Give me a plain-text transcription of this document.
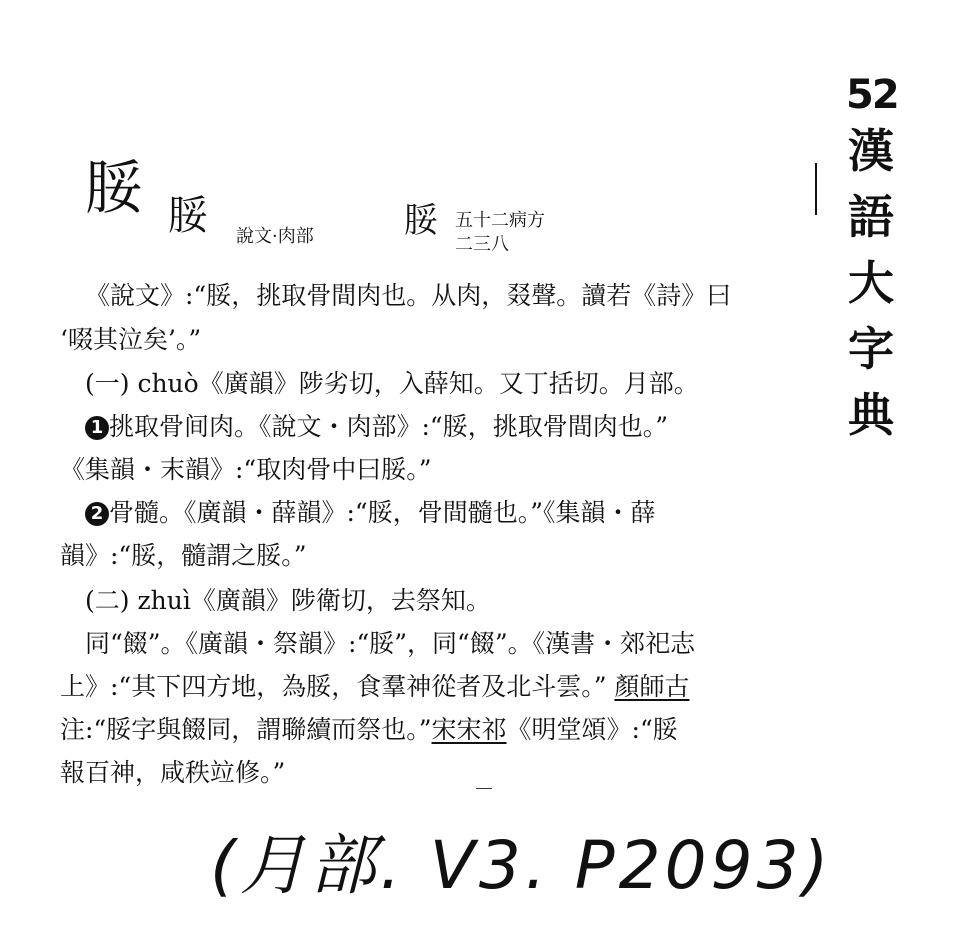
52
漢
語
大
字
典
脮 脮 說文·肉部	脮 五十二病方
二三八
《說文》:“脮，挑取骨間肉也。从肉，叕聲。讀若《詩》曰
‘啜其泣矣’。”
(一) chuò《廣韻》陟劣切，入薛知。又丁括切。月部。
1 挑取骨间肉。《說文・肉部》:“脮，挑取骨間肉也。”
《集韻・末韻》:“取肉骨中曰脮。”
2 骨髓。《廣韻・薛韻》:“脮，骨間髓也。”《集韻・薛
韻》:“脮，髓謂之脮。”
(二) zhuì《廣韻》陟衛切，去祭知。
同“餟”。《廣韻・祭韻》:“脮”，同“餟”。《漢書・郊祀志
上》:“其下四方地，為脮，食羣神從者及北斗雲。” 顏師古
注:“脮字與餟同，謂聯續而祭也。”宋宋祁《明堂頌》:“脮
報百神，咸秩竝修。”
(月部. V3. P2093)
